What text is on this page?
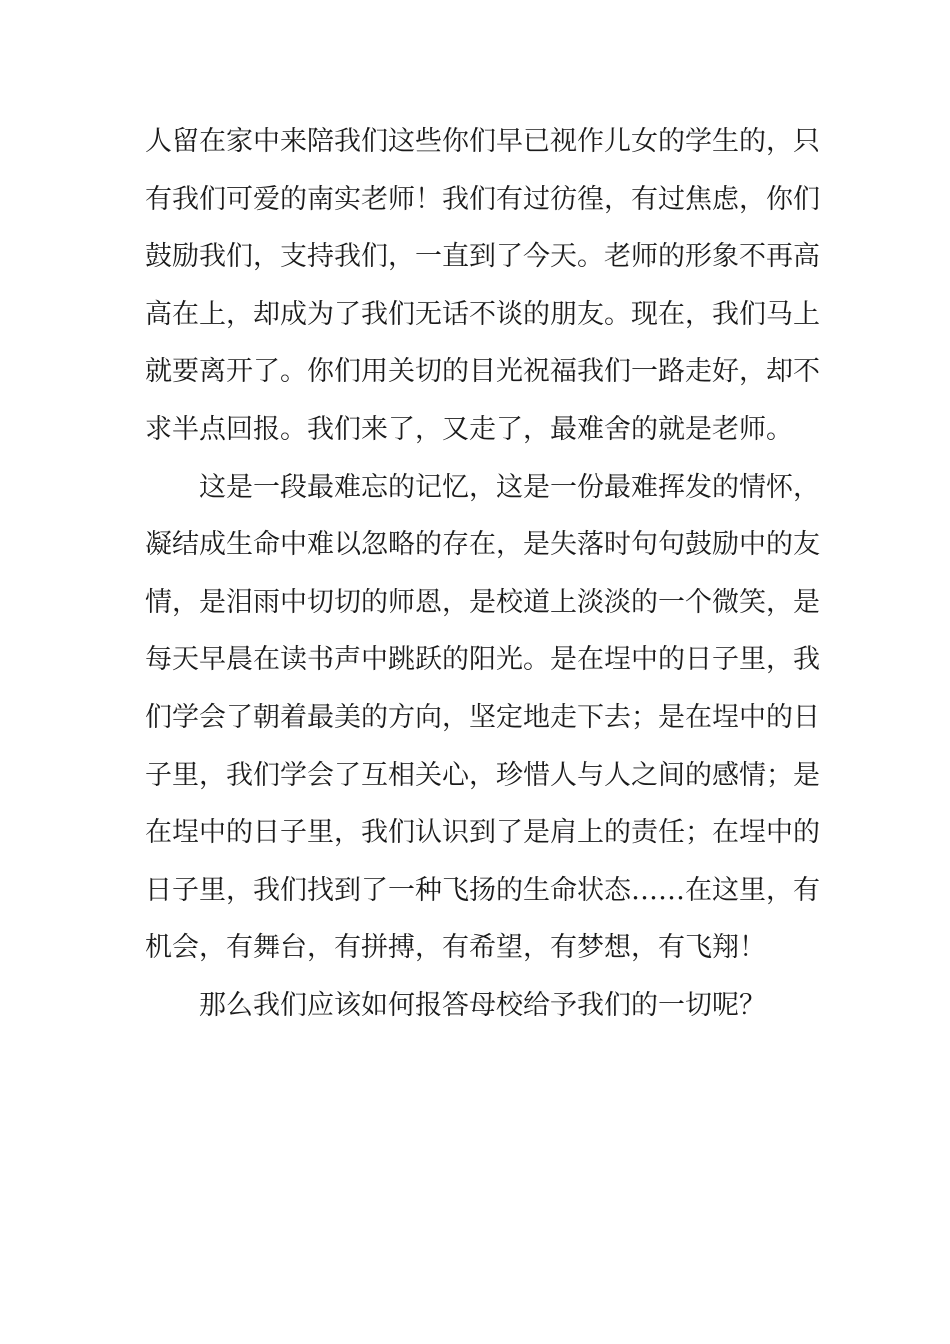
人留在家中来陪我们这些你们早已视作儿女的学生的，只
有我们可爱的南实老师！我们有过彷徨，有过焦虑，你们
鼓励我们，支持我们，一直到了今天。老师的形象不再高
高在上，却成为了我们无话不谈的朋友。现在，我们马上
就要离开了。你们用关切的目光祝福我们一路走好，却不
求半点回报。我们来了，又走了，最难舍的就是老师。
这是一段最难忘的记忆，这是一份最难挥发的情怀，
凝结成生命中难以忽略的存在，是失落时句句鼓励中的友
情，是泪雨中切切的师恩，是校道上淡淡的一个微笑，是
每天早晨在读书声中跳跃的阳光。是在埕中的日子里，我
们学会了朝着最美的方向，坚定地走下去；是在埕中的日
子里，我们学会了互相关心，珍惜人与人之间的感情；是
在埕中的日子里，我们认识到了是肩上的责任；在埕中的
日子里，我们找到了一种飞扬的生命状态……在这里，有
机会，有舞台，有拼搏，有希望，有梦想，有飞翔！
那么我们应该如何报答母校给予我们的一切呢？
